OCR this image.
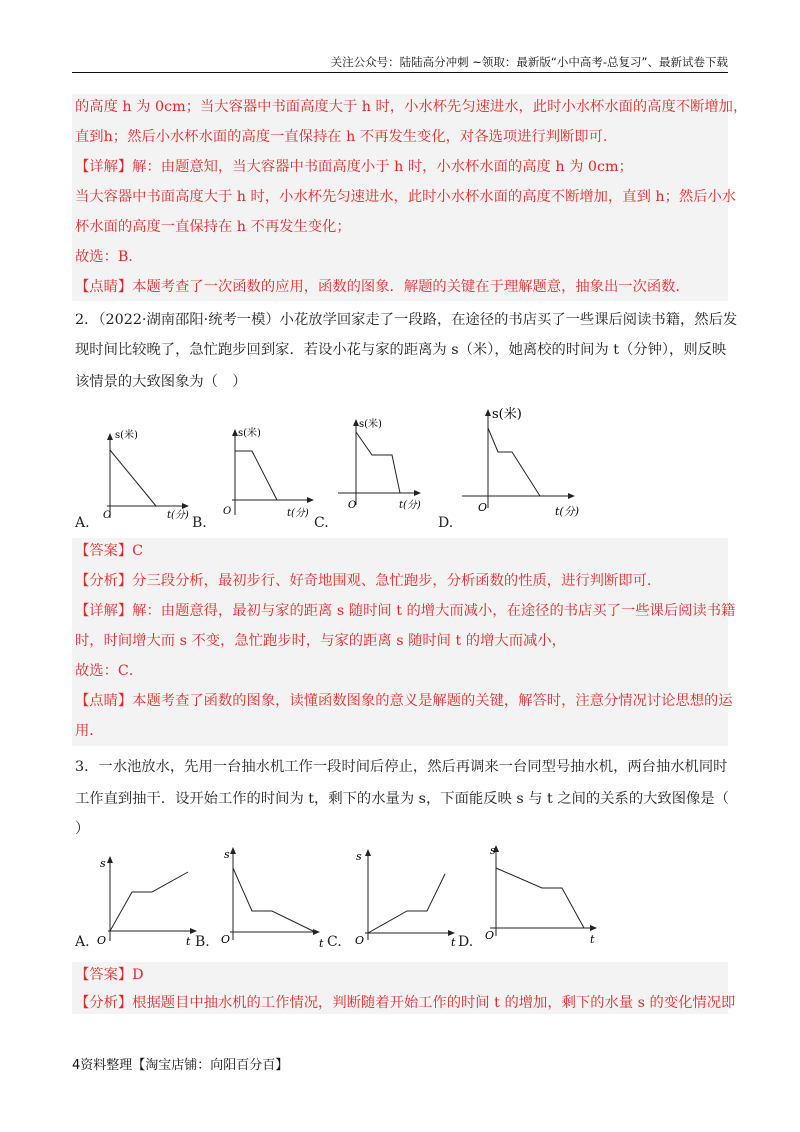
关注公众号：陆陆高分冲刺 ~领取：最新版“小中高考-总复习”、最新试卷下载
的高度 h 为 0cm；当大容器中书面高度大于 h 时，小水杯先匀速进水，此时小水杯水面的高度不断增加，
直到h；然后小水杯水面的高度一直保持在 h 不再发生变化，对各选项进行判断即可.
【详解】解：由题意知，当大容器中书面高度小于 h 时，小水杯水面的高度 h 为 0cm；
当大容器中书面高度大于 h 时，小水杯先匀速进水，此时小水杯水面的高度不断增加，直到 h；然后小水
杯水面的高度一直保持在 h 不再发生变化；
故选：B．
【点睛】本题考查了一次函数的应用，函数的图象．解题的关键在于理解题意，抽象出一次函数．
2．（2022·湖南邵阳·统考一模）小花放学回家走了一段路，在途径的书店买了一些课后阅读书籍，然后发
现时间比较晚了，急忙跑步回到家．若设小花与家的距离为 s（米），她离校的时间为 t（分钟），则反映
该情景的大致图象为（　）
s(米)
t(分)
O
A.
s(米)
t(分)
O
B.
s(米)
t(分)
O
C.
s(米)
t(分)
O
D.
【答案】C
【分析】分三段分析，最初步行、好奇地围观、急忙跑步，分析函数的性质，进行判断即可.
【详解】解：由题意得，最初与家的距离 s 随时间 t 的增大而减小，在途径的书店买了一些课后阅读书籍
时，时间增大而 s 不变，急忙跑步时，与家的距离 s 随时间 t 的增大而减小，
故选：C．
【点睛】本题考查了函数的图象，读懂函数图象的意义是解题的关键，解答时，注意分情况讨论思想的运
用．
3．一水池放水，先用一台抽水机工作一段时间后停止，然后再调来一台同型号抽水机，两台抽水机同时
工作直到抽干．设开始工作的时间为 t，剩下的水量为 s，下面能反映 s 与 t 之间的关系的大致图像是（
）
s
t
O
A.
s
t
O
B.
s
t
O
C.
s
t
O
D.
【答案】D
【分析】根据题目中抽水机的工作情况，判断随着开始工作的时间 t 的增加，剩下的水量 s 的变化情况即
4资料整理【淘宝店铺：向阳百分百】
